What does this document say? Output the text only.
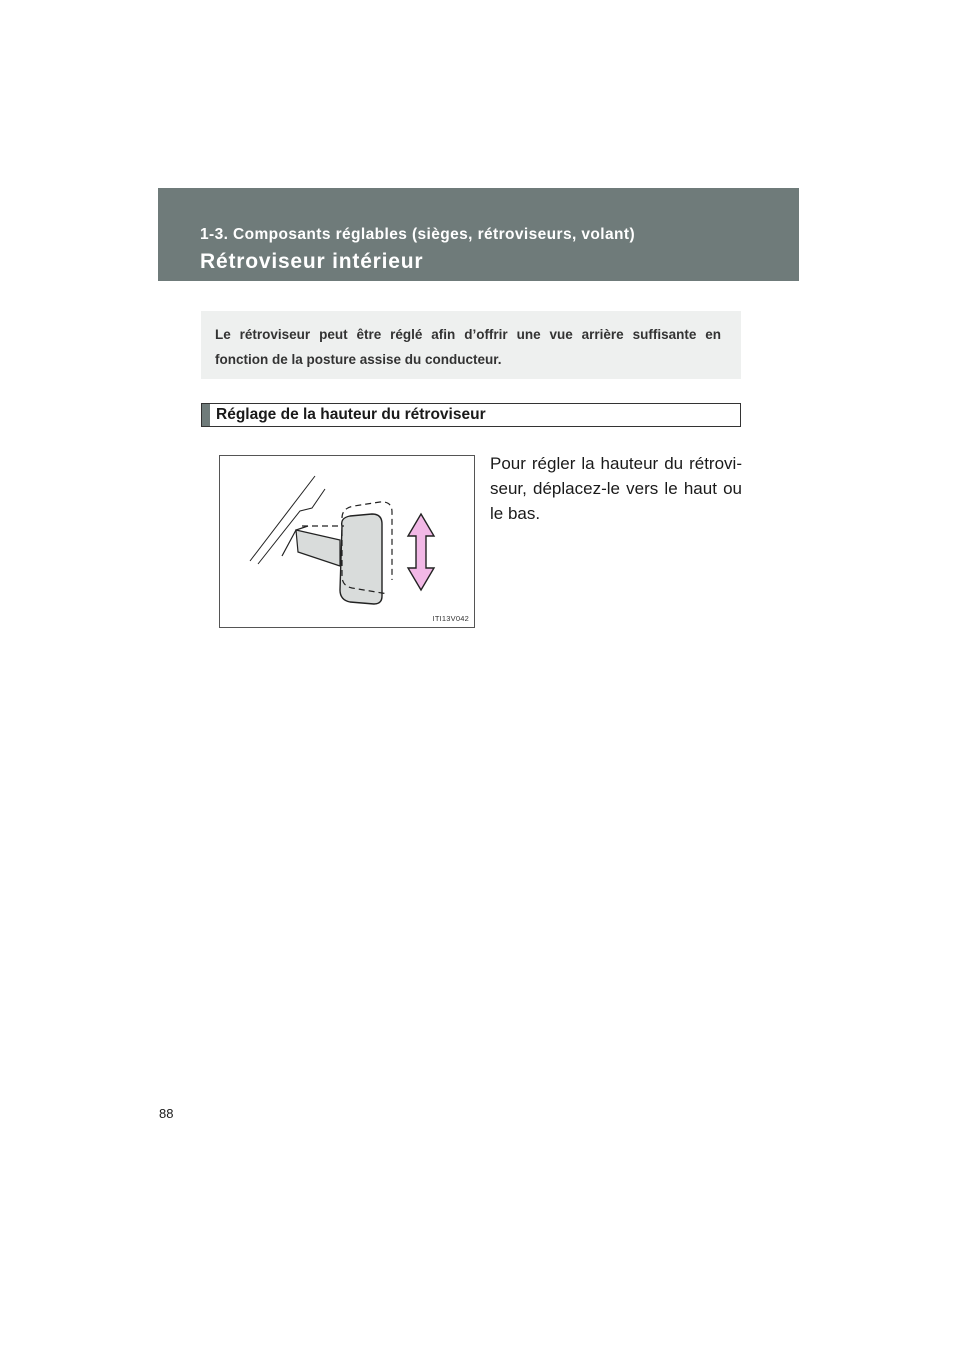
1-3. Composants réglables (sièges, rétroviseurs, volant)
Rétroviseur intérieur
Le rétroviseur peut être réglé afin d’offrir une vue arrière suffisante en fonction de la posture assise du conducteur.
Réglage de la hauteur du rétroviseur
ITI13V042
Pour régler la hauteur du rétrovi-seur, déplacez-le vers le haut ou le bas.
88
